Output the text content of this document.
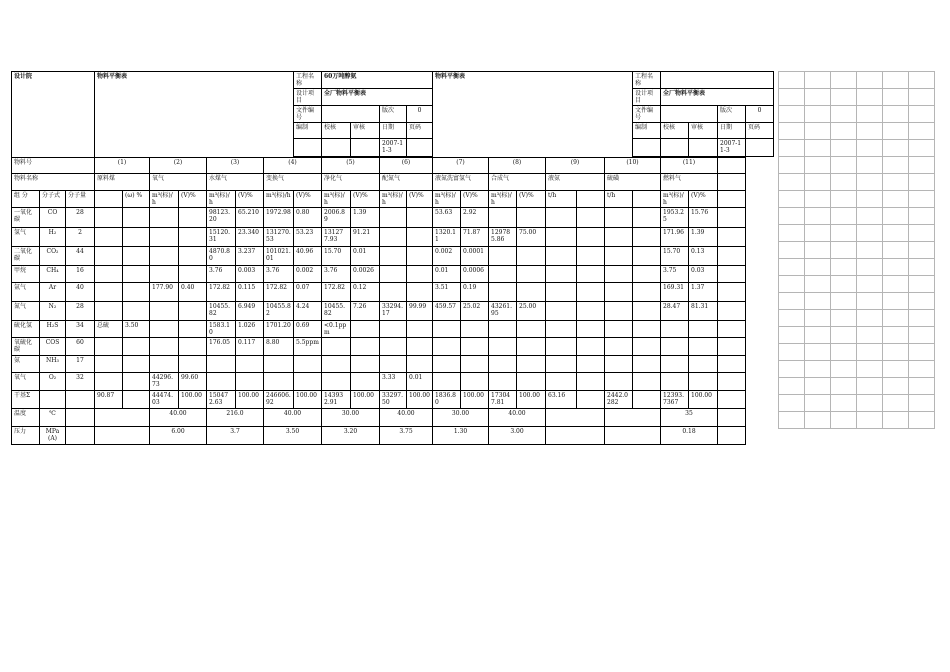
设计院			物料平衡表							工程名称	60万吨醇氨				物料平衡表							工程名称				
										设计项目	全厂物料平衡表											设计项目	全厂物料平衡表			
										文件编号			版次	0								文件编号			版次	0
										编制	校核	审核	日期	页码								编制	校核	审核	日期	页码
													2007-11-3												2007-11-3	

物料号			(1)		(2)		(3)		(4)		(5)		(6)		(7)		(8)		(9)		(10)		(11)			
物料名称			原料煤		氧气		水煤气		变换气		净化气		配氮气		液氮洗富氢气		合成气		液氨		硫磺		燃料气			
组 分	分子式	分子量		(ω) %	m³(标)/h	(V)%	m³(标)/h	(V)%	m³(标)/h	(V)%	m³(标)/h	(V)%	m³(标)/h	(V)%	m³(标)/h	(V)%	m³(标)/h	(V)%	t/h		t/h		m³(标)/h	(V)%		
一氧化碳	CO	28					98123.20	65.210	1972.98	0.80	2006.89	1.39			53.63	2.92							1953.25	15.76		
氢气	H₂	2					15120.31	23.340	131270.53	53.23	131277.93	91.21			1320.11	71.87	129785.86	75.00					171.96	1.39		
二氧化碳	CO₂	44					4870.80	3.237	101021.01	40.96	15.70	0.01			0.002	0.0001							15.70	0.13		
甲烷	CH₄	16					3.76	0.003	3.76	0.002	3.76	0.0026			0.01	0.0006							3.75	0.03		
氩气	Ar	40			177.90	0.40	172.82	0.115	172.82	0.07	172.82	0.12			3.51	0.19							169.31	1.37		
氮气	N₂	28					10455.82	6.949	10455.82	4.24	10455.82	7.26	33294.17	99.99	459.57	25.02	43261.95	25.00					28.47	81.31		
硫化氢	H₂S	34	总硫	3.50			1583.10	1.026	1701.20	0.69	<0.1ppm															
氧硫化碳	COS	60					176.05	0.117	8.80	5.5ppm																
氨	NH₃	17																								
氧气	O₂	32			44296.73	99.60							3.33	0.01												
干基Σ			90.87		44474.03	100.00	150472.63	100.00	246606.92	100.00	143932.91	100.00	33297.50	100.00	1836.80	100.00	173047.81	100.00	63.16		2442.0282		12393.7367	100.00		
温度	℃				40.00		216.0		40.00		30.00		40.00		30.00		40.00						35			
压力	MPa(A)				6.00		3.7		3.50		3.20		3.75		1.30		3.00						0.18			
